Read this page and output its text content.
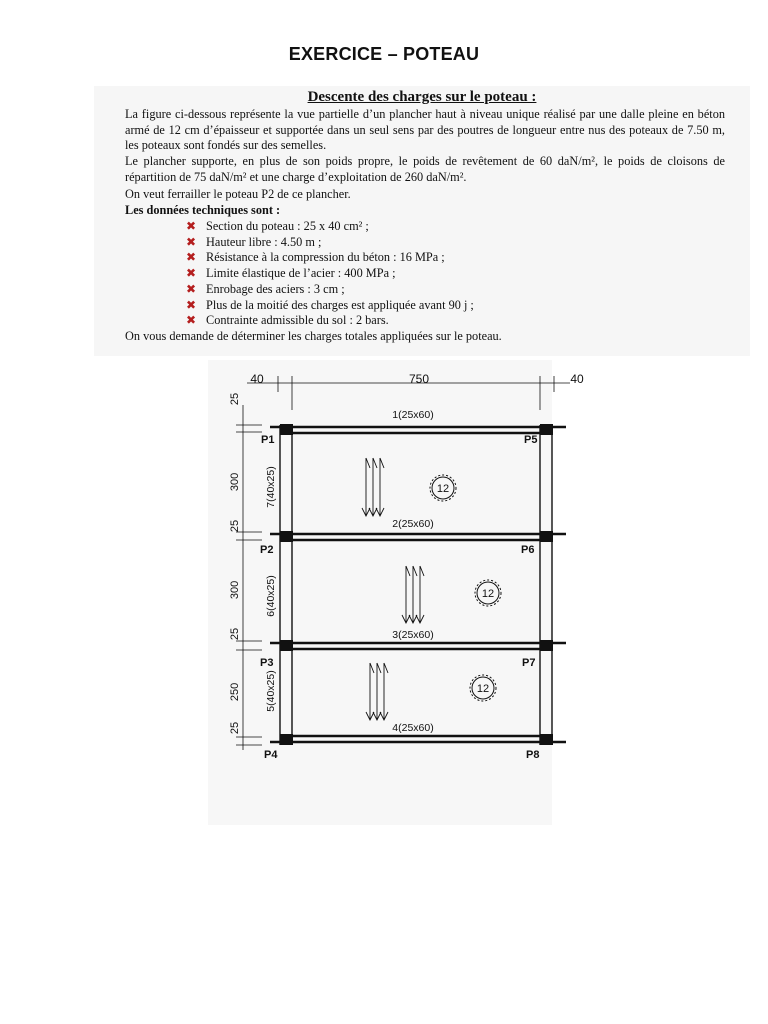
EXERCICE – POTEAU
Descente des charges sur le poteau :

La figure ci-dessous représente la vue partielle d’un plancher haut à niveau unique réalisé par une dalle pleine en béton armé de 12 cm d’épaisseur et supportée dans un seul sens par des poutres de longueur entre nus des poteaux de 7.50 m, les poteaux sont fondés sur des semelles.

Le plancher supporte, en plus de son poids propre, le poids de revêtement de 60 daN/m², le poids de cloisons de répartition de 75 daN/m² et une charge d’exploitation de 260 daN/m².

On veut ferrailler le poteau P2 de ce plancher.

Les données techniques sont :

✖ Section du poteau : 25 x 40 cm² ;
✖ Hauteur libre : 4.50 m ;
✖ Résistance à la compression du béton : 16 MPa ;
✖ Limite élastique de l’acier : 400 MPa ;
✖ Enrobage des aciers : 3 cm ;
✖ Plus de la moitié des charges est appliquée avant 90 j ;
✖ Contrainte admissible du sol : 2 bars.

On vous demande de déterminer les charges totales appliquées sur le poteau.

40	750	40
25
300
25
300
25
250
25
1(25x60)
2(25x60)
3(25x60)
4(25x60)
7(40x25)
6(40x25)
5(40x25)
P1
P2
P3
P4
P5
P6
P7
P8
12
12
12
